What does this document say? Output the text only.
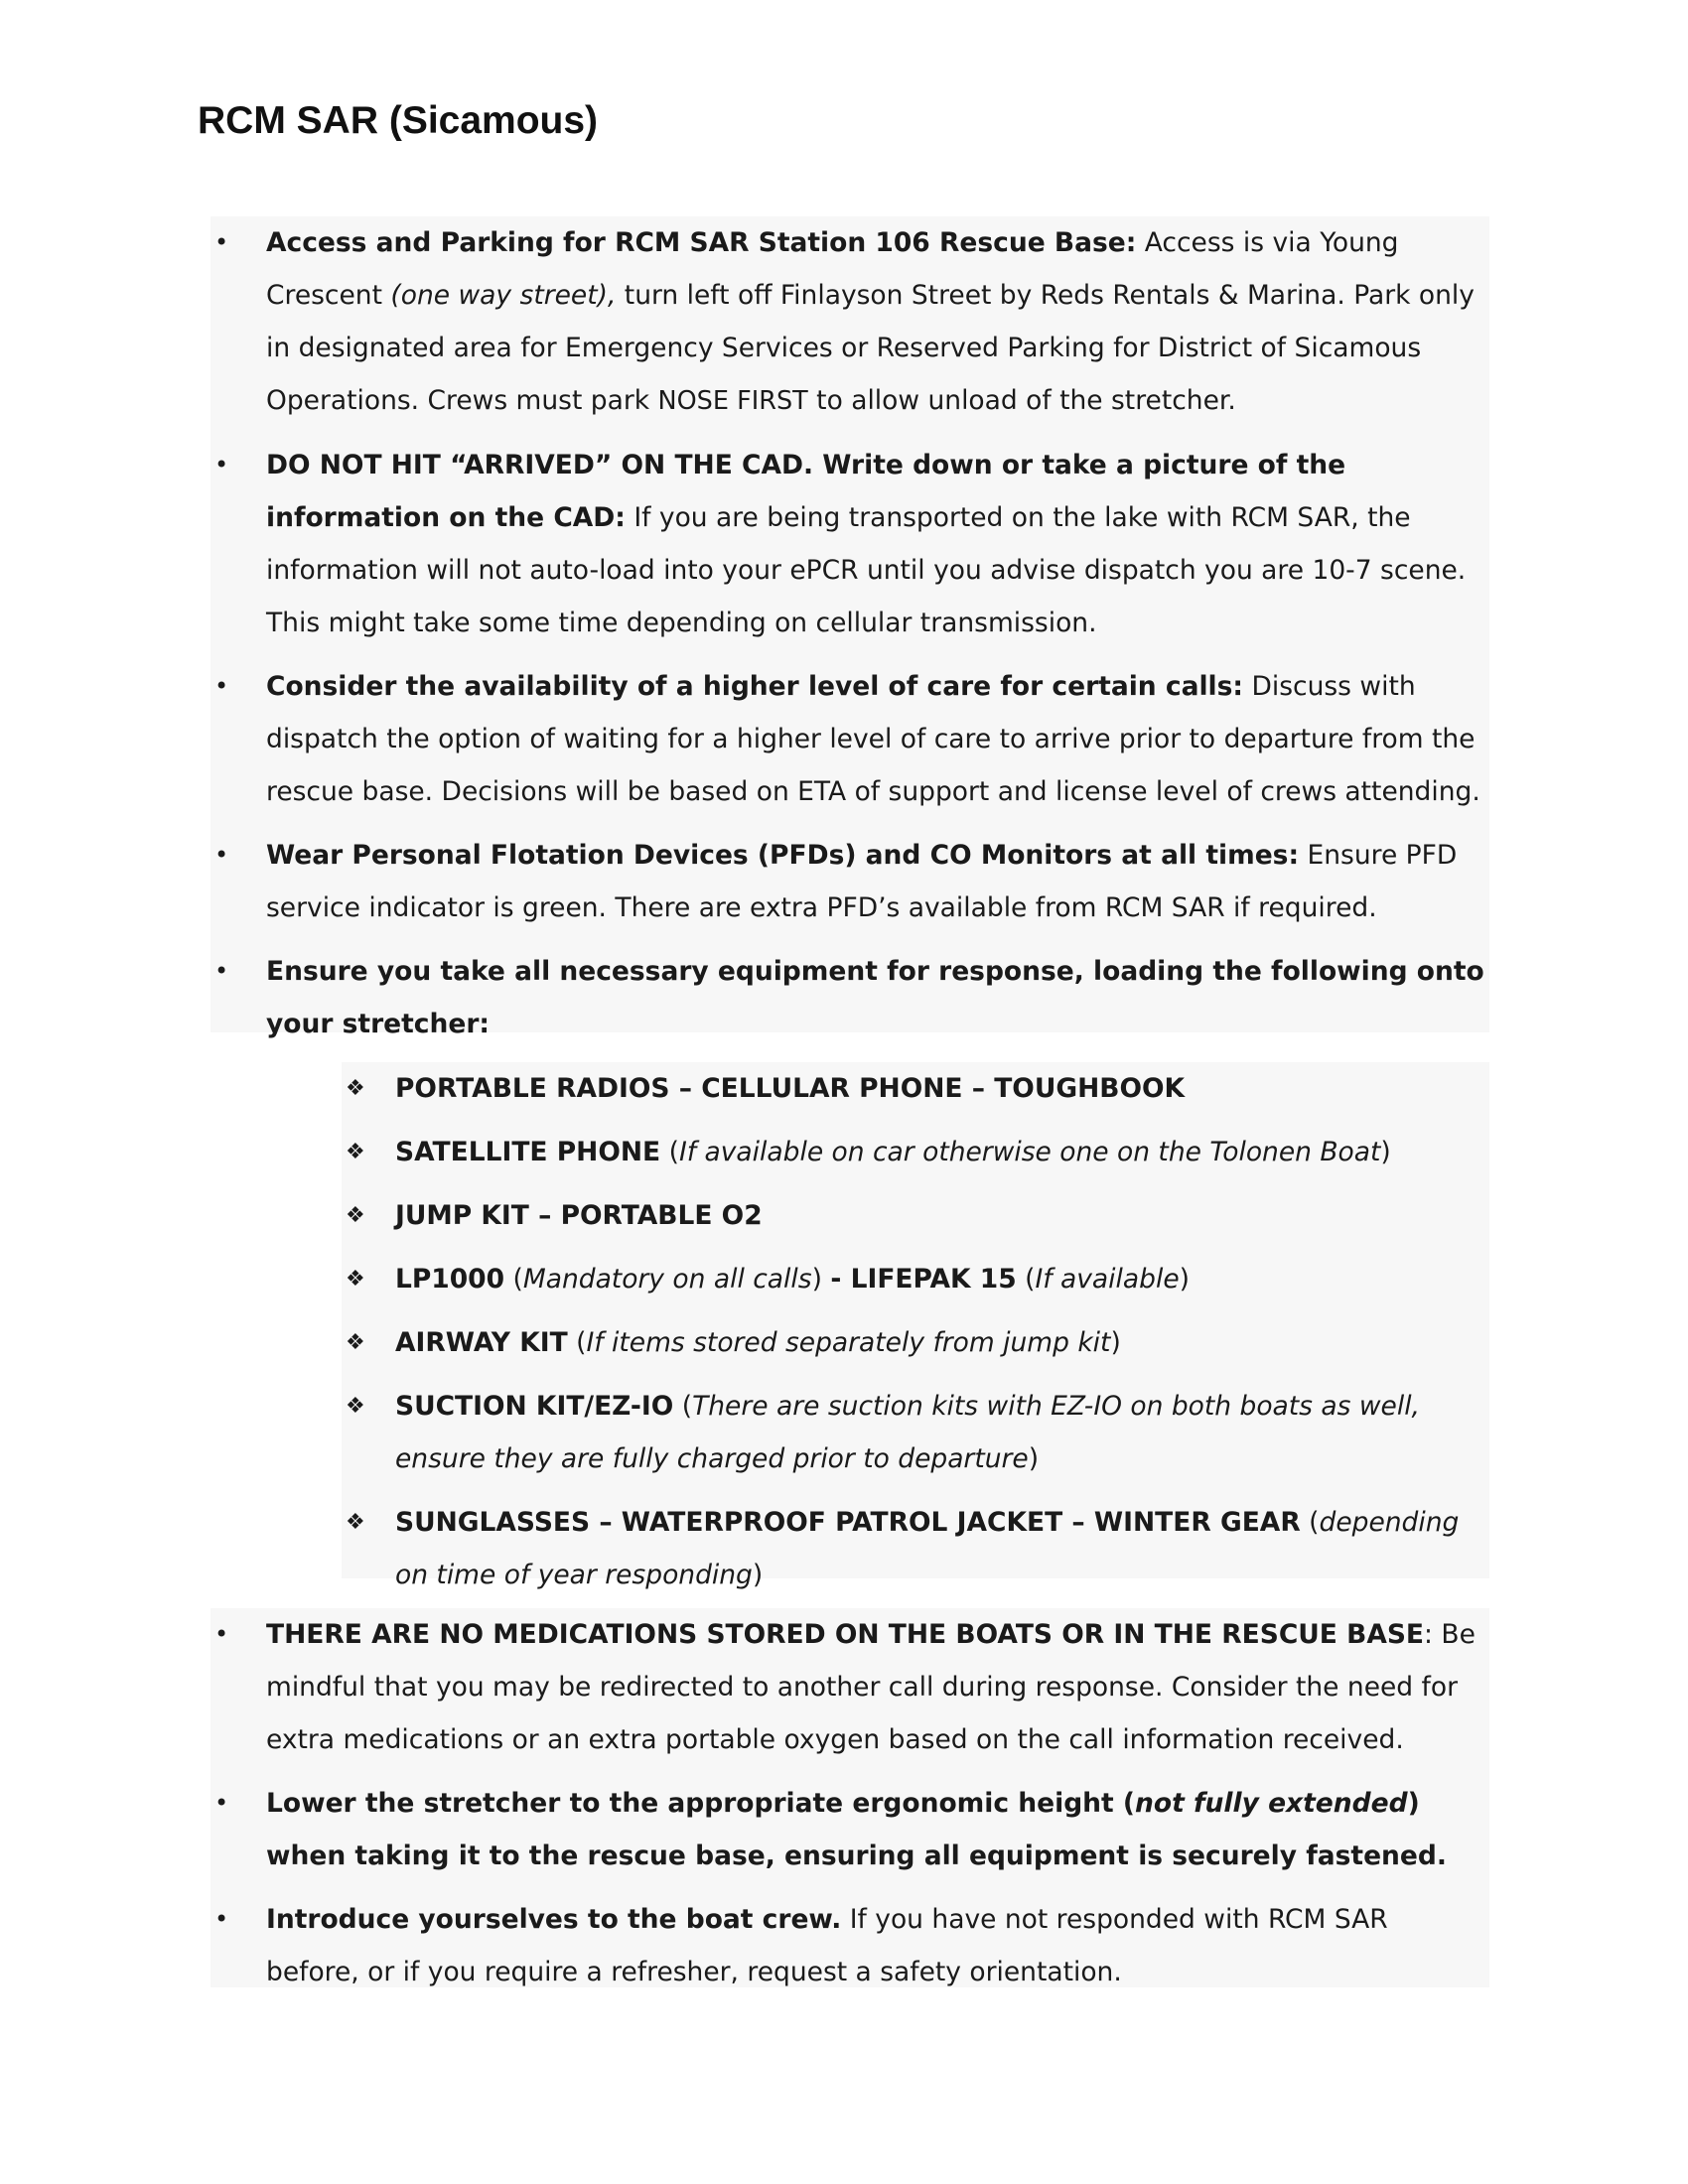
RCM SAR (Sicamous)
• Access and Parking for RCM SAR Station 106 Rescue Base: Access is via Young Crescent (one way street), turn left off Finlayson Street by Reds Rentals & Marina. Park only in designated area for Emergency Services or Reserved Parking for District of Sicamous Operations. Crews must park NOSE FIRST to allow unload of the stretcher.
• DO NOT HIT “ARRIVED” ON THE CAD. Write down or take a picture of the information on the CAD: If you are being transported on the lake with RCM SAR, the information will not auto-load into your ePCR until you advise dispatch you are 10-7 scene. This might take some time depending on cellular transmission.
• Consider the availability of a higher level of care for certain calls: Discuss with dispatch the option of waiting for a higher level of care to arrive prior to departure from the rescue base. Decisions will be based on ETA of support and license level of crews attending.
• Wear Personal Flotation Devices (PFDs) and CO Monitors at all times: Ensure PFD service indicator is green. There are extra PFD’s available from RCM SAR if required.
• Ensure you take all necessary equipment for response, loading the following onto your stretcher:
❖ PORTABLE RADIOS – CELLULAR PHONE – TOUGHBOOK
❖ SATELLITE PHONE (If available on car otherwise one on the Tolonen Boat)
❖ JUMP KIT – PORTABLE O2
❖ LP1000 (Mandatory on all calls) - LIFEPAK 15 (If available)
❖ AIRWAY KIT (If items stored separately from jump kit)
❖ SUCTION KIT/EZ-IO (There are suction kits with EZ-IO on both boats as well, ensure they are fully charged prior to departure)
❖ SUNGLASSES – WATERPROOF PATROL JACKET – WINTER GEAR (depending on time of year responding)
• THERE ARE NO MEDICATIONS STORED ON THE BOATS OR IN THE RESCUE BASE: Be mindful that you may be redirected to another call during response. Consider the need for extra medications or an extra portable oxygen based on the call information received.
• Lower the stretcher to the appropriate ergonomic height (not fully extended) when taking it to the rescue base, ensuring all equipment is securely fastened.
• Introduce yourselves to the boat crew. If you have not responded with RCM SAR before, or if you require a refresher, request a safety orientation.
